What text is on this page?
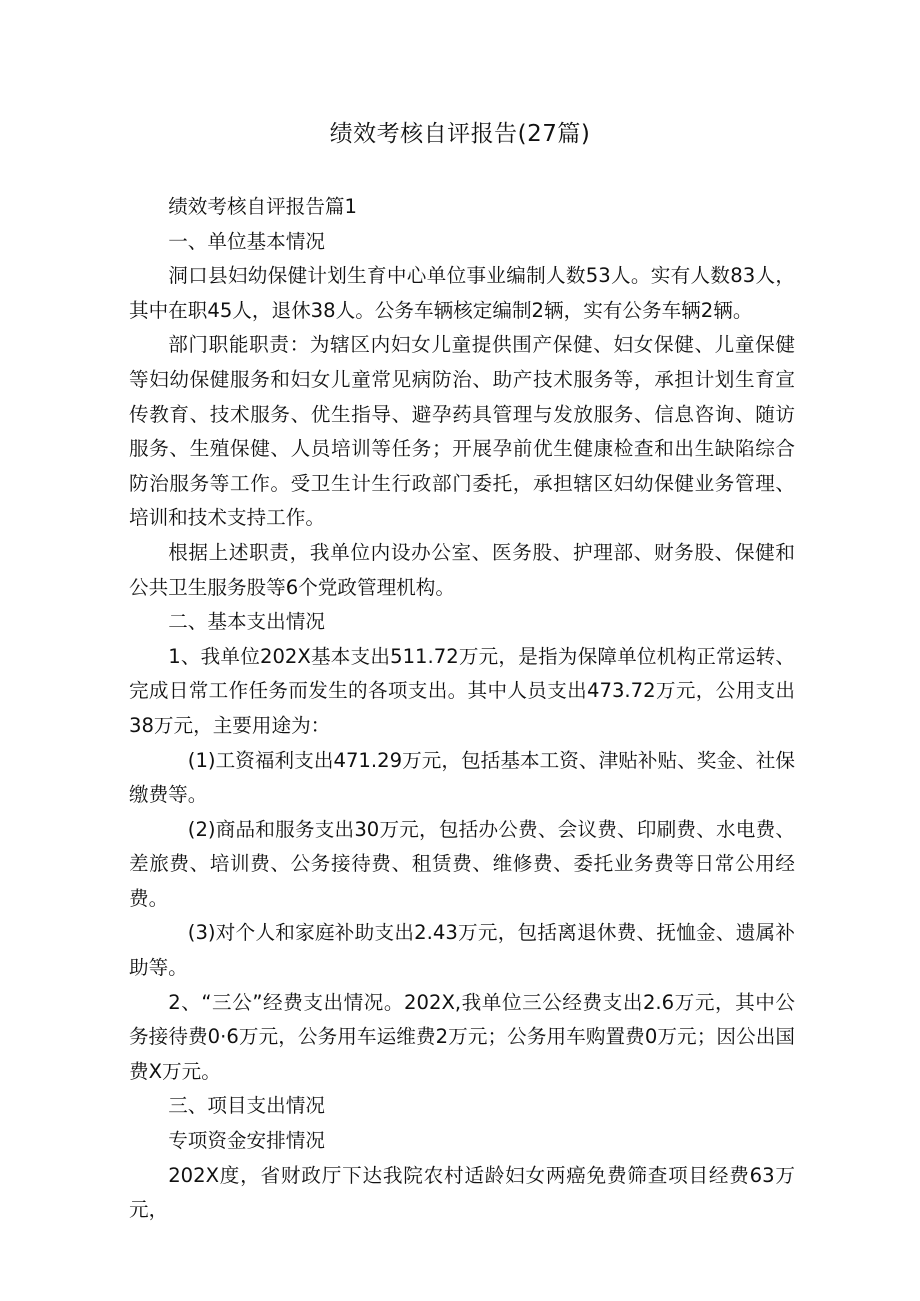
绩效考核自评报告(27篇)

绩效考核自评报告篇1

一、单位基本情况

洞口县妇幼保健计划生育中心单位事业编制人数53人。实有人数83人，其中在职45人，退休38人。公务车辆核定编制2辆，实有公务车辆2辆。

部门职能职责：为辖区内妇女儿童提供围产保健、妇女保健、儿童保健等妇幼保健服务和妇女儿童常见病防治、助产技术服务等，承担计划生育宣传教育、技术服务、优生指导、避孕药具管理与发放服务、信息咨询、随访服务、生殖保健、人员培训等任务；开展孕前优生健康检查和出生缺陷综合防治服务等工作。受卫生计生行政部门委托，承担辖区妇幼保健业务管理、培训和技术支持工作。

根据上述职责，我单位内设办公室、医务股、护理部、财务股、保健和公共卫生服务股等6个党政管理机构。

二、基本支出情况

1、我单位202X基本支出511.72万元，是指为保障单位机构正常运转、完成日常工作任务而发生的各项支出。其中人员支出473.72万元，公用支出38万元，主要用途为：

(1)工资福利支出471.29万元，包括基本工资、津贴补贴、奖金、社保缴费等。

(2)商品和服务支出30万元，包括办公费、会议费、印刷费、水电费、差旅费、培训费、公务接待费、租赁费、维修费、委托业务费等日常公用经费。

(3)对个人和家庭补助支出2.43万元，包括离退休费、抚恤金、遗属补助等。

2、“三公”经费支出情况。202X,我单位三公经费支出2.6万元，其中公务接待费0·6万元，公务用车运维费2万元；公务用车购置费0万元；因公出国费X万元。

三、项目支出情况

专项资金安排情况

202X度，省财政厅下达我院农村适龄妇女两癌免费筛查项目经费63万元，
